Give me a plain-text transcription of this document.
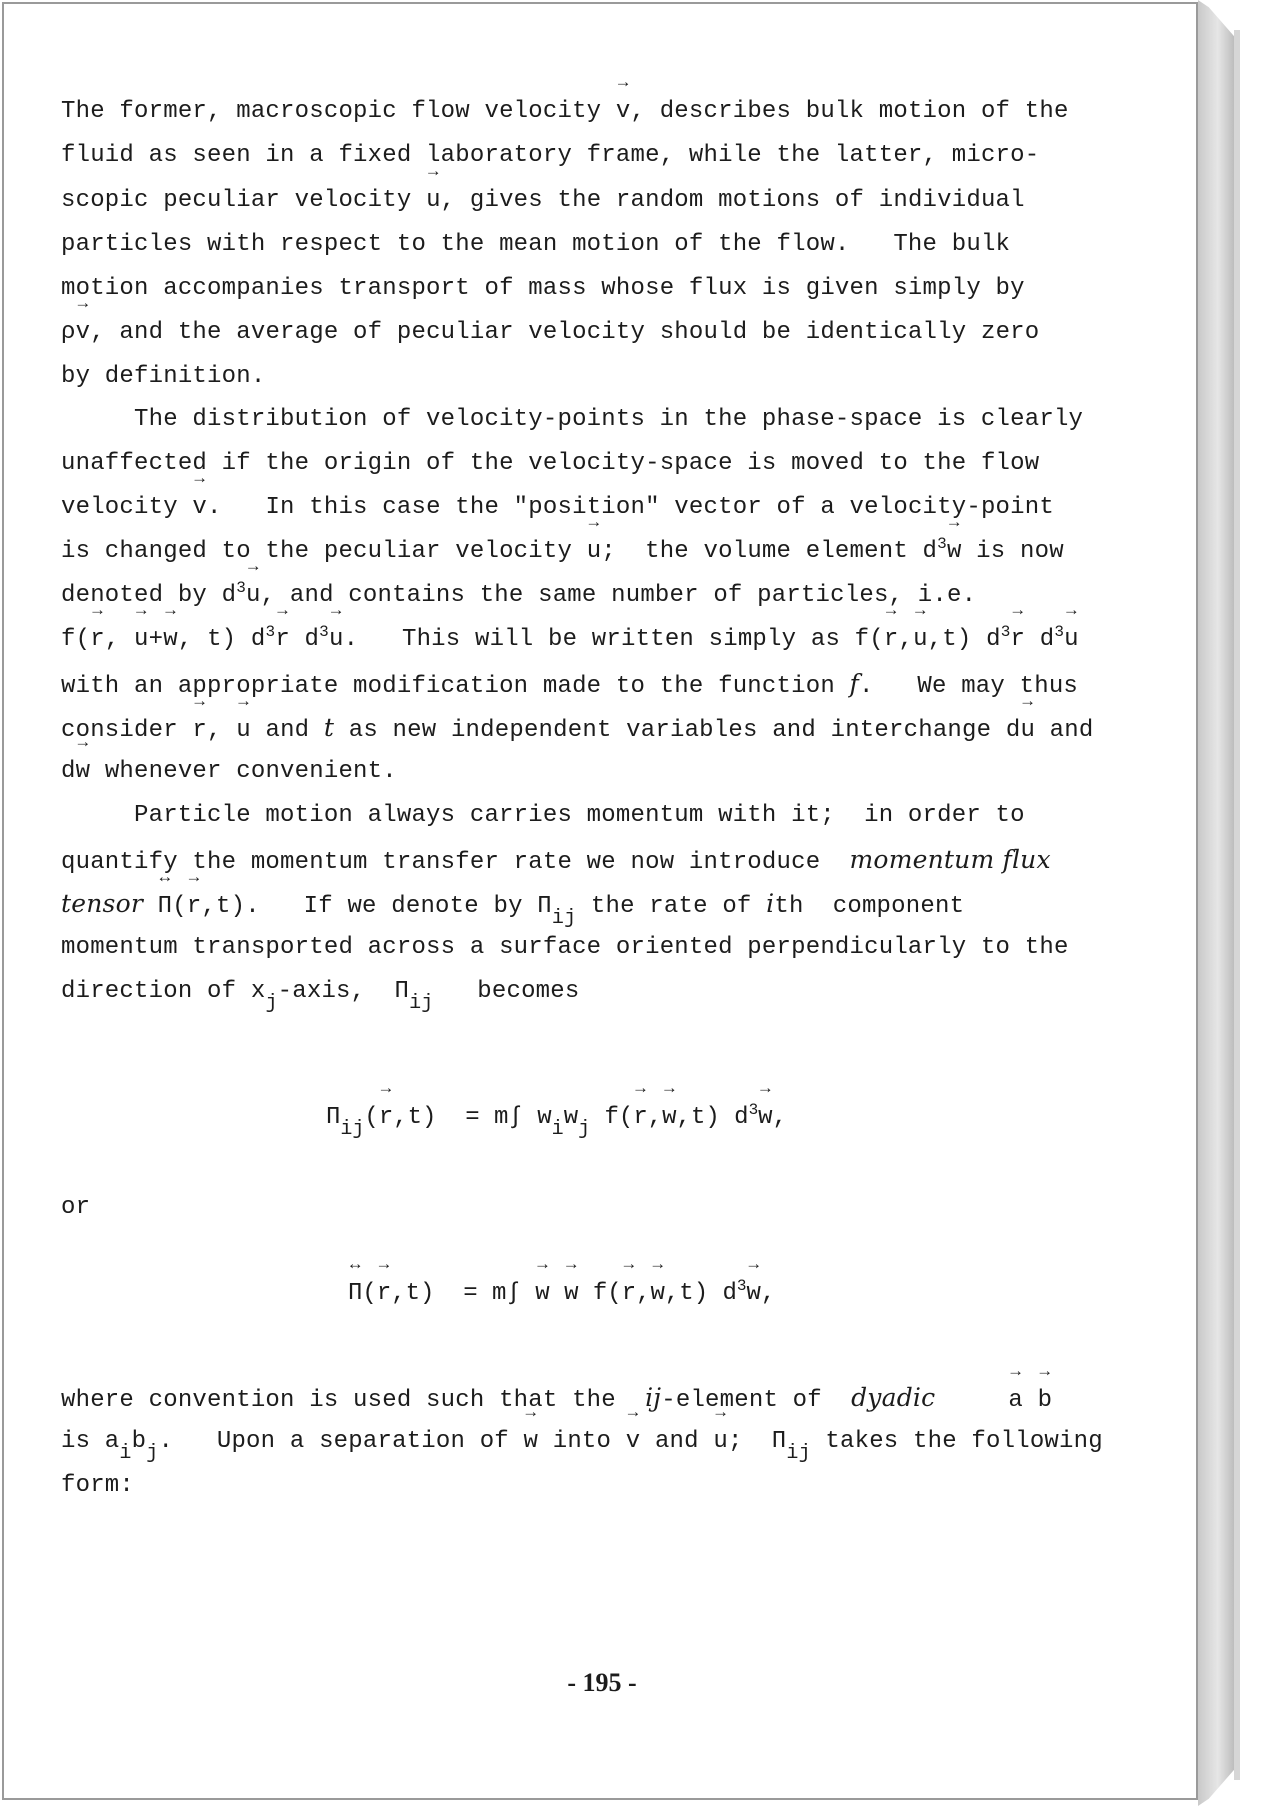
The former, macroscopic flow velocity → v, describes bulk motion of the
fluid as seen in a fixed laboratory frame, while the latter, micro-
scopic peculiar velocity → u, gives the random motions of individual
particles with respect to the mean motion of the flow.   The bulk
motion accompanies transport of mass whose flux is given simply by
ρ→ v, and the average of peculiar velocity should be identically zero
by definition.
The distribution of velocity-points in the phase-space is clearly
unaffected if the origin of the velocity-space is moved to the flow
velocity → v.   In this case the "position" vector of a velocity-point
is changed to the peculiar velocity → u;  the volume element $d^3\to w$ is now
denoted by $d^3\to u$, and contains the same number of particles, i.e.
f(→ r, → u+→ w, t) $d^3\to r$ $d^3\to u$.   This will be written simply as f(→ r,→ u,t) $d^3\to r$ $d^3\to u$
with an appropriate modification made to the function f.   We may thus
consider → r, → u and t as new independent variables and interchange d→ u and
d→ w whenever convenient.
Particle motion always carries momentum with it;  in order to
quantify the momentum transfer rate we now introduce  momentum flux
tensor ↔ Π(→ r,t).   If we denote by $\Pi_{ij}$ the rate of ith  component
momentum transported across a surface oriented perpendicularly to the
direction of $x_j$-axis,  $\Pi_{ij}$   becomes
$\Pi_{ij}(\to r,t) = m\int$ $w_iw_j$ f(→ r,→ w,t) $d^3\to w$,
or
↔ Π(→ r,t)  = m∫ → w → w f(→ r,→ w,t) $d^3\to w$,
where convention is used such that the  ij-element of  dyadic	→ a → b
is $a_ib_j$.   Upon a separation of → w into → v and → u;  $\Pi_{ij}$ takes the following
form:
- 195 -
